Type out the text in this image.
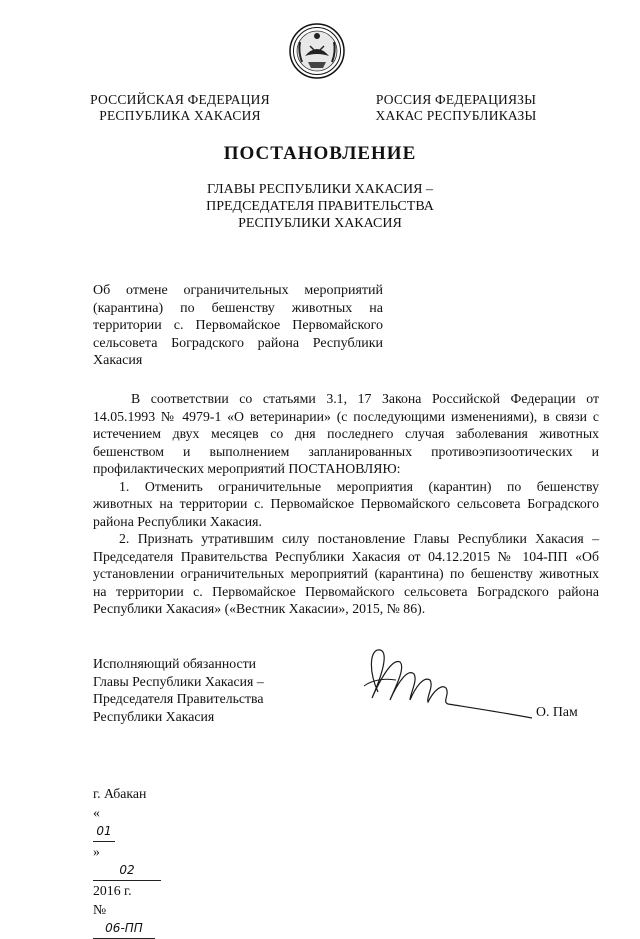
РОССИЙСКАЯ ФЕДЕРАЦИЯ
РЕСПУБЛИКА ХАКАСИЯ
РОССИЯ ФЕДЕРАЦИЯЗЫ
ХАКАС РЕСПУБЛИКАЗЫ
ПОСТАНОВЛЕНИЕ
ГЛАВЫ РЕСПУБЛИКИ ХАКАСИЯ –
ПРЕДСЕДАТЕЛЯ ПРАВИТЕЛЬСТВА
РЕСПУБЛИКИ ХАКАСИЯ
Об отмене ограничительных мероприятий
(карантина) по бешенству животных на
территории с. Первомайское Первомайского
сельсовета Боградского района Республики
Хакасия
В соответствии со статьями 3.1, 17 Закона Российской Федерации от
14.05.1993 № 4979-1 «О ветеринарии» (с последующими изменениями), в связи с
истечением двух месяцев со дня последнего случая заболевания животных
бешенством и выполнением запланированных противоэпизоотических и
профилактических мероприятий ПОСТАНОВЛЯЮ:
1. Отменить ограничительные мероприятия (карантин) по бешенству
животных на территории с. Первомайское Первомайского сельсовета Боградского
района Республики Хакасия.
2. Признать утратившим силу постановление Главы Республики Хакасия –
Председателя Правительства Республики Хакасия от 04.12.2015 № 104-ПП «Об
установлении ограничительных мероприятий (карантина) по бешенству животных
на территории с. Первомайское Первомайского сельсовета Боградского района
Республики Хакасия» («Вестник Хакасии», 2015, № 86).
Исполняющий обязанности
Главы Республики Хакасия –
Председателя Правительства
Республики Хакасия	О. Пам
г. Абакан
«
01
»
02
2016 г.
№
06-ПП
